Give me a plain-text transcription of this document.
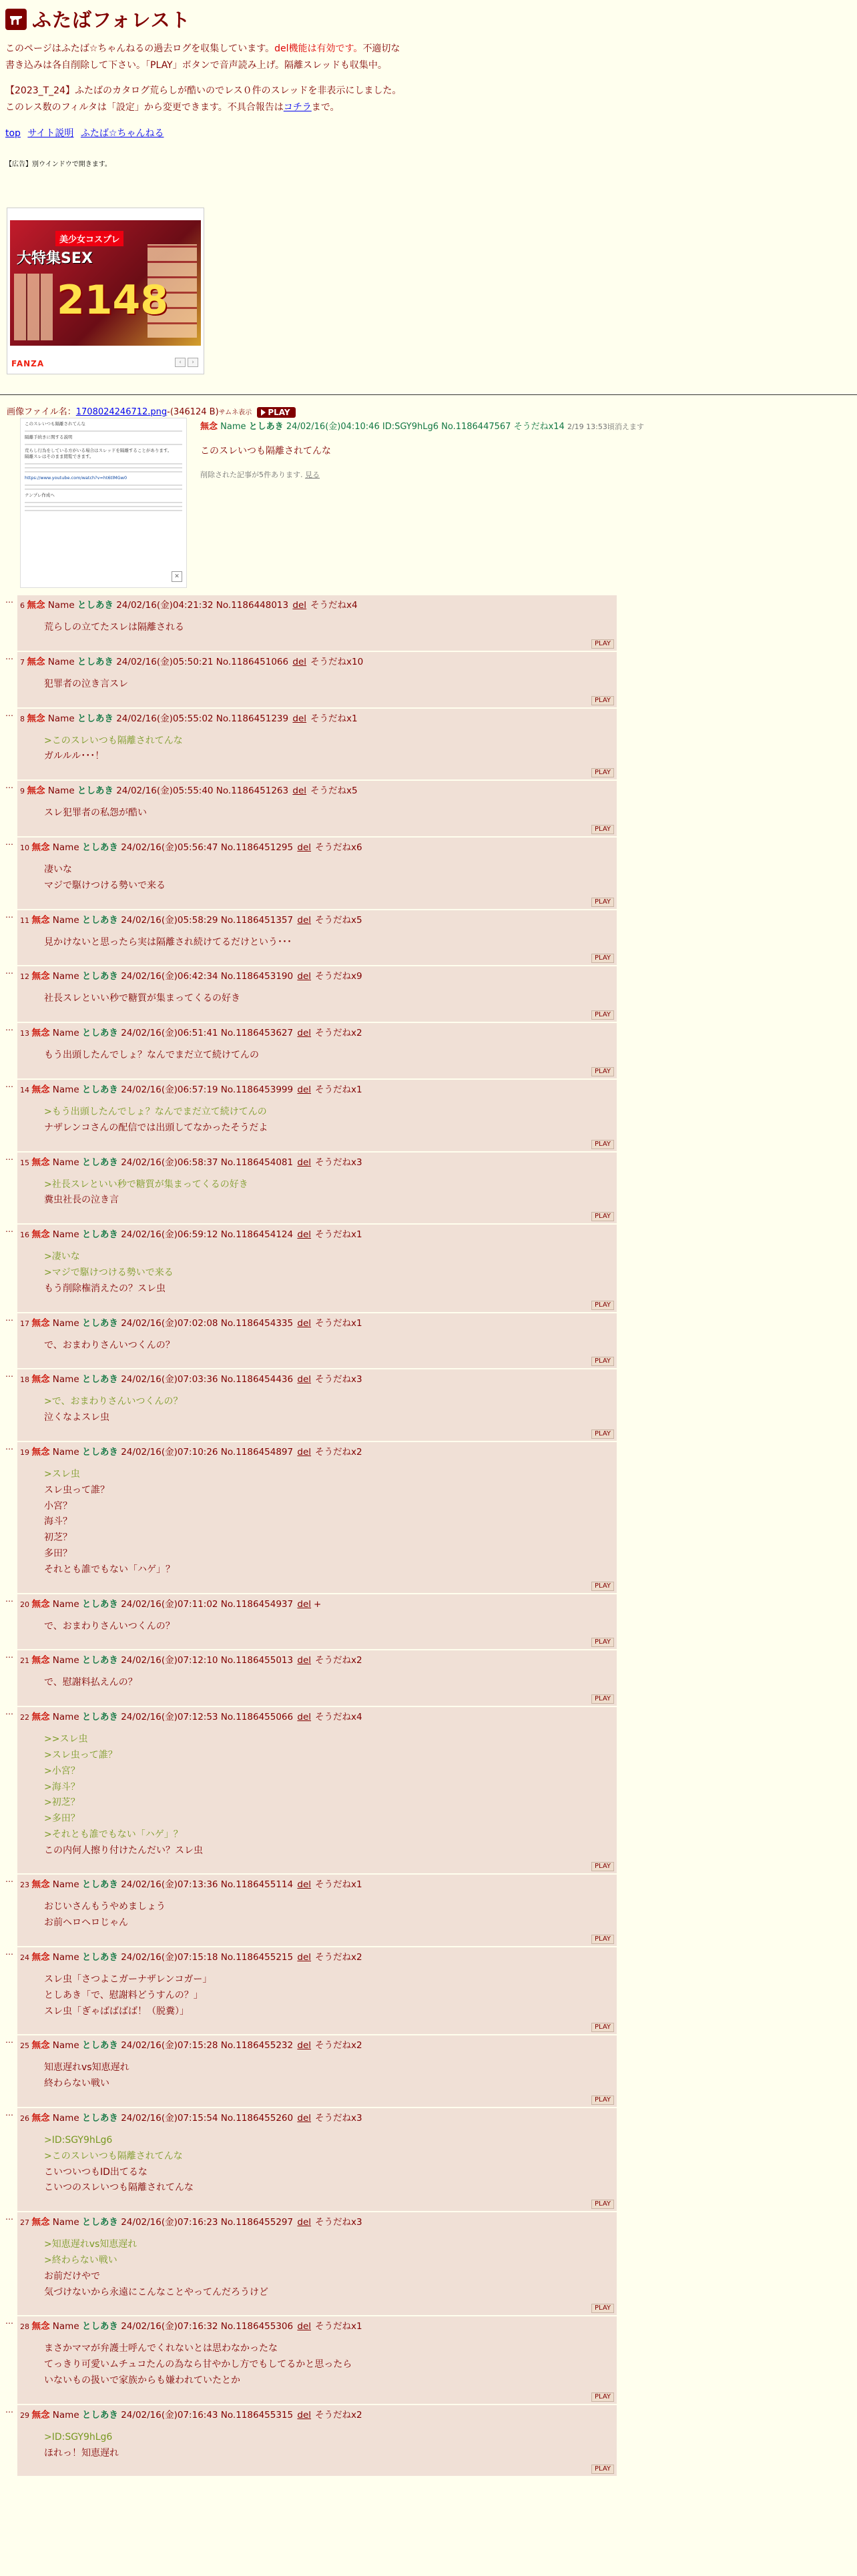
ふたばフォレスト

このページはふたば☆ちゃんねるの過去ログを収集しています。del機能は有効です。不適切な書き込みは各自削除して下さい。「PLAY」ボタンで音声読み上げ。隔離スレッドも収集中。

【2023_T_24】ふたばのカタログ荒らしが酷いのでレス０件のスレッドを非表示にしました。このレス数のフィルタは「設定」から変更できます。不具合報告はコチラまで。

top サイト説明 ふたば☆ちゃんねる
【広告】別ウインドウで開きます。
美少女コスプレ
大特集SEX
2148
FANZA	‹	›
画像ファイル名：1708024246712.png-(346124 B)サムネ表示 PLAY
このスレいつも隔離されてんな
隔離手続きに関する説明
荒らし行為をしている方がいる場合はスレッドを隔離することがあります。
隔離スレはそのまま閲覧できます。
https://www.youtube.com/watch?v=ht6tlMGw0
ナンプレ作成へ
✕
無念 Name としあき 24/02/16(金)04:10:46 ID:SGY9hLg6 No.1186447567 そうだねx14 2/19 13:53頃消えます
このスレいつも隔離されてんな
削除された記事が5件あります. 見る
…
6 無念 Name としあき 24/02/16(金)04:21:32 No.1186448013 del そうだねx4
荒らしの立てたスレは隔離される
PLAY
…
7 無念 Name としあき 24/02/16(金)05:50:21 No.1186451066 del そうだねx10
犯罪者の泣き言スレ
PLAY
…
8 無念 Name としあき 24/02/16(金)05:55:02 No.1186451239 del そうだねx1
>このスレいつも隔離されてんな
ガルルル･･･！
PLAY
…
9 無念 Name としあき 24/02/16(金)05:55:40 No.1186451263 del そうだねx5
スレ犯罪者の私怨が酷い
PLAY
…
10 無念 Name としあき 24/02/16(金)05:56:47 No.1186451295 del そうだねx6
凄いな
マジで駆けつける勢いで来る
PLAY
…
11 無念 Name としあき 24/02/16(金)05:58:29 No.1186451357 del そうだねx5
見かけないと思ったら実は隔離され続けてるだけという･･･
PLAY
…
12 無念 Name としあき 24/02/16(金)06:42:34 No.1186453190 del そうだねx9
社長スレといい秒で糖質が集まってくるの好き
PLAY
…
13 無念 Name としあき 24/02/16(金)06:51:41 No.1186453627 del そうだねx2
もう出頭したんでしょ？なんでまだ立て続けてんの
PLAY
…
14 無念 Name としあき 24/02/16(金)06:57:19 No.1186453999 del そうだねx1
>もう出頭したんでしょ？なんでまだ立て続けてんの
ナザレンコさんの配信では出頭してなかったそうだよ
PLAY
…
15 無念 Name としあき 24/02/16(金)06:58:37 No.1186454081 del そうだねx3
>社長スレといい秒で糖質が集まってくるの好き
糞虫社長の泣き言
PLAY
…
16 無念 Name としあき 24/02/16(金)06:59:12 No.1186454124 del そうだねx1
>凄いな
>マジで駆けつける勢いで来る
もう削除権消えたの？スレ虫
PLAY
…
17 無念 Name としあき 24/02/16(金)07:02:08 No.1186454335 del そうだねx1
で、おまわりさんいつくんの？
PLAY
…
18 無念 Name としあき 24/02/16(金)07:03:36 No.1186454436 del そうだねx3
>で、おまわりさんいつくんの？
泣くなよスレ虫
PLAY
…
19 無念 Name としあき 24/02/16(金)07:10:26 No.1186454897 del そうだねx2
>スレ虫
スレ虫って誰？
小宮？
海斗？
初芝？
多田？
それとも誰でもない「ハゲ」？
PLAY
…
20 無念 Name としあき 24/02/16(金)07:11:02 No.1186454937 del +
で、おまわりさんいつくんの？
PLAY
…
21 無念 Name としあき 24/02/16(金)07:12:10 No.1186455013 del そうだねx2
で、慰謝料払えんの？
PLAY
…
22 無念 Name としあき 24/02/16(金)07:12:53 No.1186455066 del そうだねx4
>>スレ虫
>スレ虫って誰？
>小宮？
>海斗？
>初芝？
>多田？
>それとも誰でもない「ハゲ」？
この内何人擦り付けたんだい？スレ虫
PLAY
…
23 無念 Name としあき 24/02/16(金)07:13:36 No.1186455114 del そうだねx1
おじいさんもうやめましょう
お前ヘロヘロじゃん
PLAY
…
24 無念 Name としあき 24/02/16(金)07:15:18 No.1186455215 del そうだねx2
スレ虫「さつよこガーナザレンコガー」
としあき「で、慰謝料どうすんの？」
スレ虫「ぎゃばばばば！（脱糞）」
PLAY
…
25 無念 Name としあき 24/02/16(金)07:15:28 No.1186455232 del そうだねx2
知恵遅れvs知恵遅れ
終わらない戦い
PLAY
…
26 無念 Name としあき 24/02/16(金)07:15:54 No.1186455260 del そうだねx3
>ID:SGY9hLg6
>このスレいつも隔離されてんな
こいついつもID出てるな
こいつのスレいつも隔離されてんな
PLAY
…
27 無念 Name としあき 24/02/16(金)07:16:23 No.1186455297 del そうだねx3
>知恵遅れvs知恵遅れ
>終わらない戦い
お前だけやで
気づけないから永遠にこんなことやってんだろうけど
PLAY
…
28 無念 Name としあき 24/02/16(金)07:16:32 No.1186455306 del そうだねx1
まさかママが弁護士呼んでくれないとは思わなかったな
てっきり可愛いムチュコたんの為なら甘やかし方でもしてるかと思ったら
いないもの扱いで家族からも嫌われていたとか
PLAY
…
29 無念 Name としあき 24/02/16(金)07:16:43 No.1186455315 del そうだねx2
>ID:SGY9hLg6
ほれっ！知恵遅れ
PLAY
